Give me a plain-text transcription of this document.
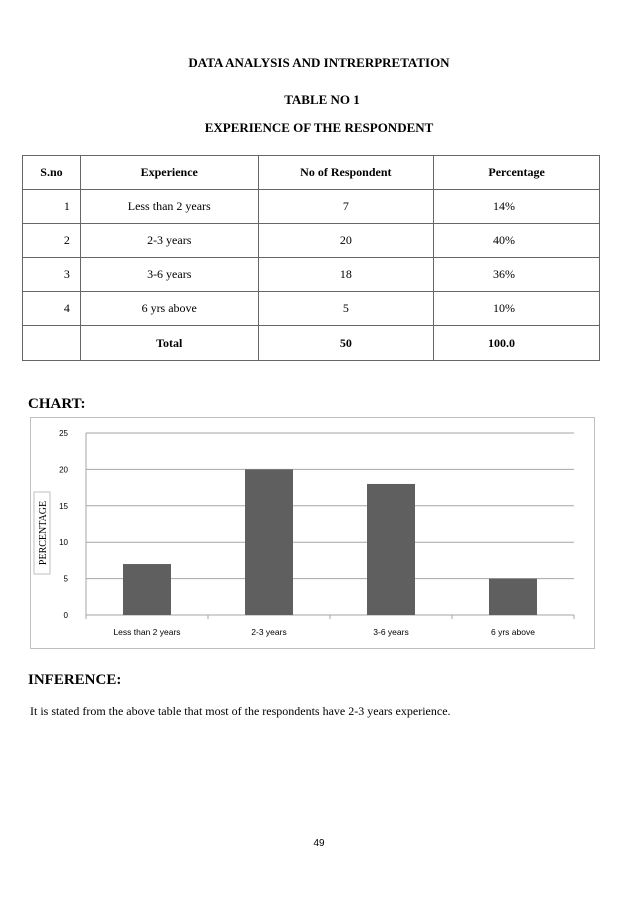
DATA ANALYSIS AND INTRERPRETATION
TABLE NO 1
EXPERIENCE OF THE RESPONDENT
S.no	Experience	No of Respondent	Percentage
1	Less than 2 years	7	14%
2	2-3 years	20	40%
3	3-6 years	18	36%
4	6 yrs above	5	10%
	Total	50	100.0
CHART:
0
5
10
15
20
25
Less than 2 years	2-3 years	3-6 years	6 yrs above
PERCENTAGE
INFERENCE:
It is stated from the above table that most of the respondents have 2-3 years experience.
49
